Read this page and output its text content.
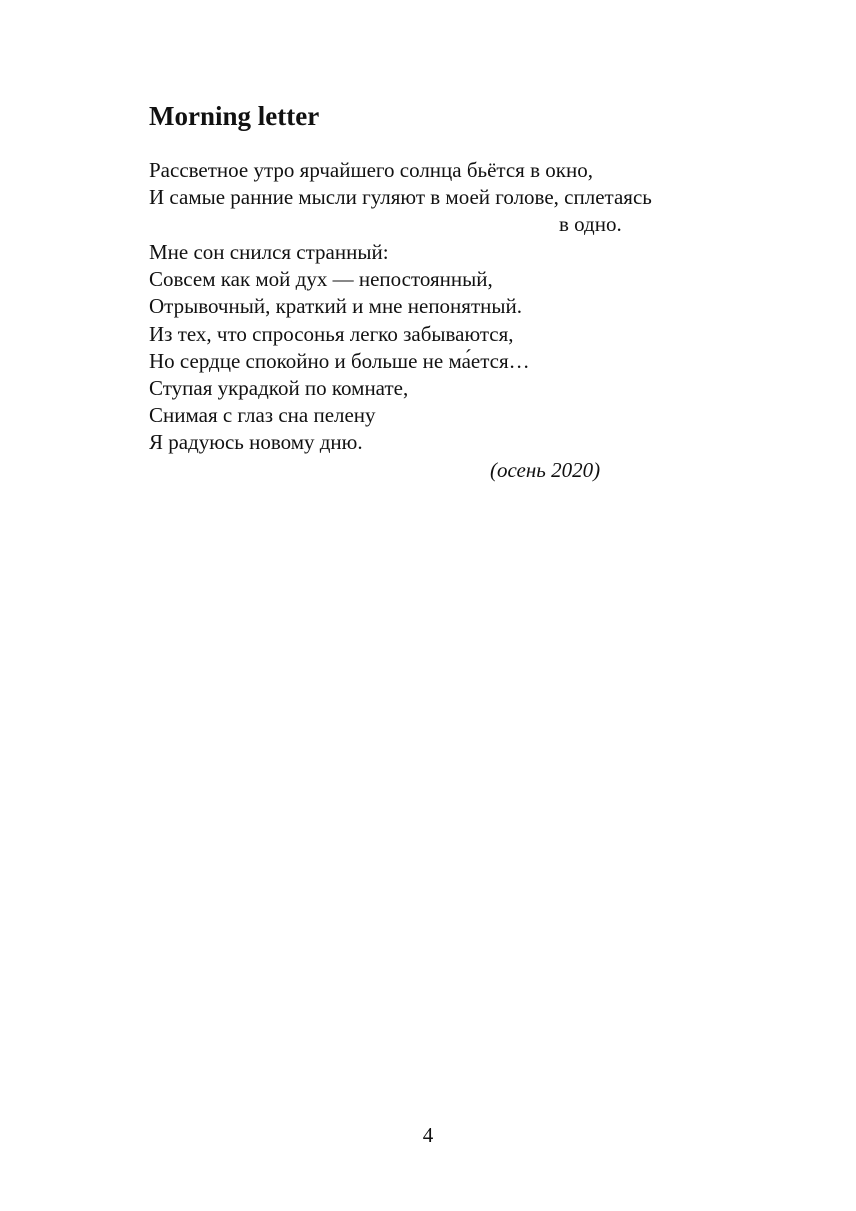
Morning letter
Рассветное утро ярчайшего солнца бьётся в окно,
И самые ранние мысли гуляют в моей голове, сплетаясь
в одно.
Мне сон снился странный:
Совсем как мой дух — непостоянный,
Отрывочный, краткий и мне непонятный.
Из тех, что спросонья легко забываются,
Но сердце спокойно и больше не ма́ется…
Ступая украдкой по комнате,
Снимая с глаз сна пелену
Я радуюсь новому дню.
(осень 2020)
4
